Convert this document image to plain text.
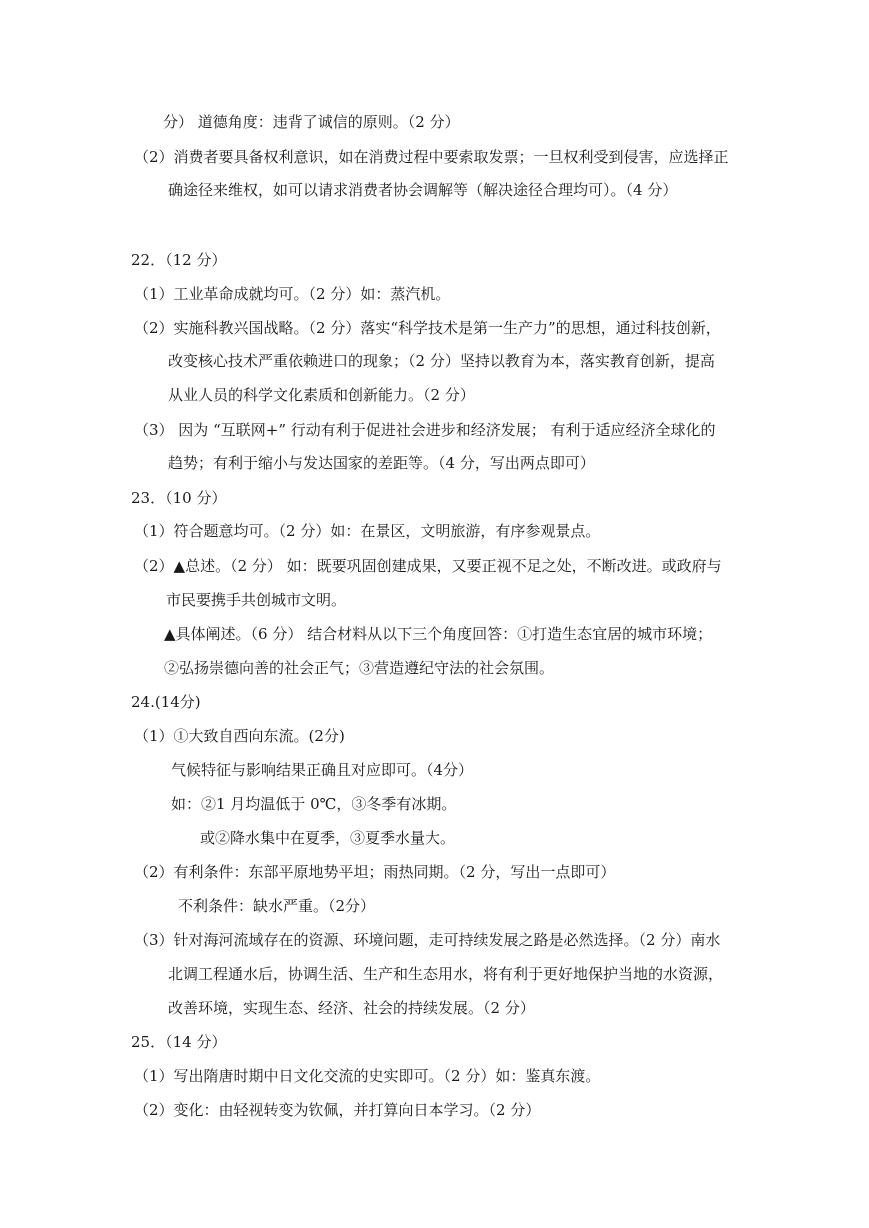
分） 道德角度：违背了诚信的原则。（2 分）
（2）消费者要具备权利意识，如在消费过程中要索取发票；一旦权利受到侵害，应选择正
确途径来维权，如可以请求消费者协会调解等（解决途径合理均可）。（4 分）
22．（12 分）
（1）工业革命成就均可。（2 分）如：蒸汽机。
（2）实施科教兴国战略。（2 分）落实“科学技术是第一生产力”的思想，通过科技创新，
改变核心技术严重依赖进口的现象；（2 分）坚持以教育为本，落实教育创新，提高
从业人员的科学文化素质和创新能力。（2 分）
（3） 因为 “互联网+” 行动有利于促进社会进步和经济发展； 有利于适应经济全球化的
趋势；有利于缩小与发达国家的差距等。（4 分，写出两点即可）
23．（10 分）
（1）符合题意均可。（2 分）如：在景区，文明旅游，有序参观景点。
（2）▲总述。（2 分） 如：既要巩固创建成果，又要正视不足之处，不断改进。或政府与
市民要携手共创城市文明。
▲具体阐述。（6 分） 结合材料从以下三个角度回答：①打造生态宜居的城市环境；
②弘扬崇德向善的社会正气；③营造遵纪守法的社会氛围。
24.(14分)
（1）①大致自西向东流。(2分)
气候特征与影响结果正确且对应即可。（4分）
如：②1 月均温低于 0℃，③冬季有冰期。
或②降水集中在夏季，③夏季水量大。
（2）有利条件：东部平原地势平坦；雨热同期。（2 分，写出一点即可）
不利条件：缺水严重。（2分）
（3）针对海河流域存在的资源、环境问题，走可持续发展之路是必然选择。（2 分）南水
北调工程通水后，协调生活、生产和生态用水，将有利于更好地保护当地的水资源，
改善环境，实现生态、经济、社会的持续发展。（2 分）
25．（14 分）
（1）写出隋唐时期中日文化交流的史实即可。（2 分）如：鉴真东渡。
（2）变化：由轻视转变为钦佩，并打算向日本学习。（2 分）
